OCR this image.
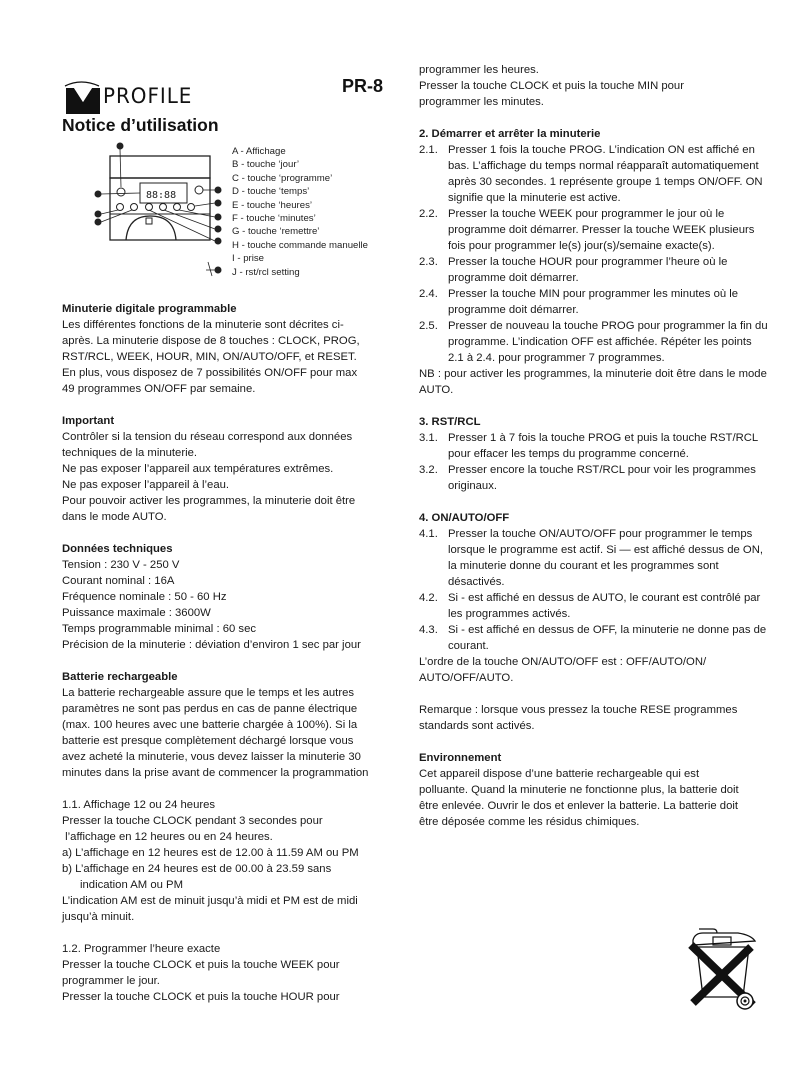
PROFILE	PR-8
Notice d’utilisation
88:88
A - Affichage
B - touche ‘jour’
C - touche ‘programme’
D - touche ‘temps’
E - touche ‘heures’
F - touche ‘minutes’
G - touche ‘remettre’
H - touche commande manuelle
I - prise
J - rst/rcl setting
Minuterie digitale programmable
Les différentes fonctions de la minuterie sont décrites ci-
après. La minuterie dispose de 8 touches : CLOCK, PROG,
RST/RCL, WEEK, HOUR, MIN, ON/AUTO/OFF, et RESET.
En plus, vous disposez de 7 possibilités ON/OFF pour max
49 programmes ON/OFF par semaine.
Important
Contrôler si la tension du réseau correspond aux données
techniques de la minuterie.
Ne pas exposer l’appareil aux températures extrêmes.
Ne pas exposer l’appareil à l’eau.
Pour pouvoir activer les programmes, la minuterie doit être
dans le mode AUTO.
Données techniques
Tension : 230 V - 250 V
Courant nominal : 16A
Fréquence nominale : 50 - 60 Hz
Puissance maximale : 3600W
Temps programmable minimal : 60 sec
Précision de la minuterie : déviation d’environ 1 sec par jour
Batterie rechargeable
La batterie rechargeable assure que le temps et les autres
paramètres ne sont pas perdus en cas de panne électrique
(max. 100 heures avec une batterie chargée à 100%). Si la
batterie est presque complètement déchargé lorsque vous
avez acheté la minuterie, vous devez laisser la minuterie 30
minutes dans la prise avant de commencer la programmation
1.1. Affichage 12 ou 24 heures
Presser la touche CLOCK pendant 3 secondes pour
l’affichage en 12 heures ou en 24 heures.
a) L’affichage en 12 heures est de 12.00 à 11.59 AM ou PM
b) L’affichage en 24 heures est de 00.00 à 23.59 sans
indication AM ou PM
L’indication AM est de minuit jusqu’à midi et PM est de midi
jusqu’à minuit.
1.2. Programmer l’heure exacte
Presser la touche CLOCK et puis la touche WEEK pour
programmer le jour.
Presser la touche CLOCK et puis la touche HOUR pour
programmer les heures.
Presser la touche CLOCK et puis la touche MIN pour
programmer les minutes.
2. Démarrer et arrêter la minuterie
2.1. Presser 1 fois la touche PROG. L’indication ON est affiché en bas. L’affichage du temps normal réapparaît automatiquement après 30 secondes. 1 représente groupe 1 temps ON/OFF. ON signifie que la minuterie est active.
2.2. Presser la touche WEEK pour programmer le jour où le programme doit démarrer. Presser la touche WEEK plusieurs fois pour programmer le(s) jour(s)/semaine exacte(s).
2.3. Presser la touche HOUR pour programmer l’heure où le programme doit démarrer.
2.4. Presser la touche MIN pour programmer les minutes où le programme doit démarrer.
2.5. Presser de nouveau la touche PROG pour programmer la fin du programme. L’indication OFF est affichée. Répéter les points 2.1 à 2.4. pour programmer 7 programmes.
NB : pour activer les programmes, la minuterie doit être dans le mode AUTO.
3. RST/RCL
3.1. Presser 1 à 7 fois la touche PROG et puis la touche RST/RCL pour effacer les temps du programme concerné.
3.2. Presser encore la touche RST/RCL pour voir les programmes originaux.
4. ON/AUTO/OFF
4.1. Presser la touche ON/AUTO/OFF pour programmer le temps lorsque le programme est actif. Si — est affiché dessus de ON, la minuterie donne du courant et les programmes sont désactivés.
4.2. Si - est affiché en dessus de AUTO, le courant est contrôlé par les programmes activés.
4.3. Si - est affiché en dessus de OFF, la minuterie ne donne pas de courant.
L’ordre de la touche ON/AUTO/OFF est : OFF/AUTO/ON/ AUTO/OFF/AUTO.
Remarque : lorsque vous pressez la touche RESE programmes standards sont activés.
Environnement
Cet appareil dispose d’une batterie rechargeable qui est polluante. Quand la minuterie ne fonctionne plus, la batterie doit être enlevée. Ouvrir le dos et enlever la batterie. La batterie doit être déposée comme les résidus chimiques.
